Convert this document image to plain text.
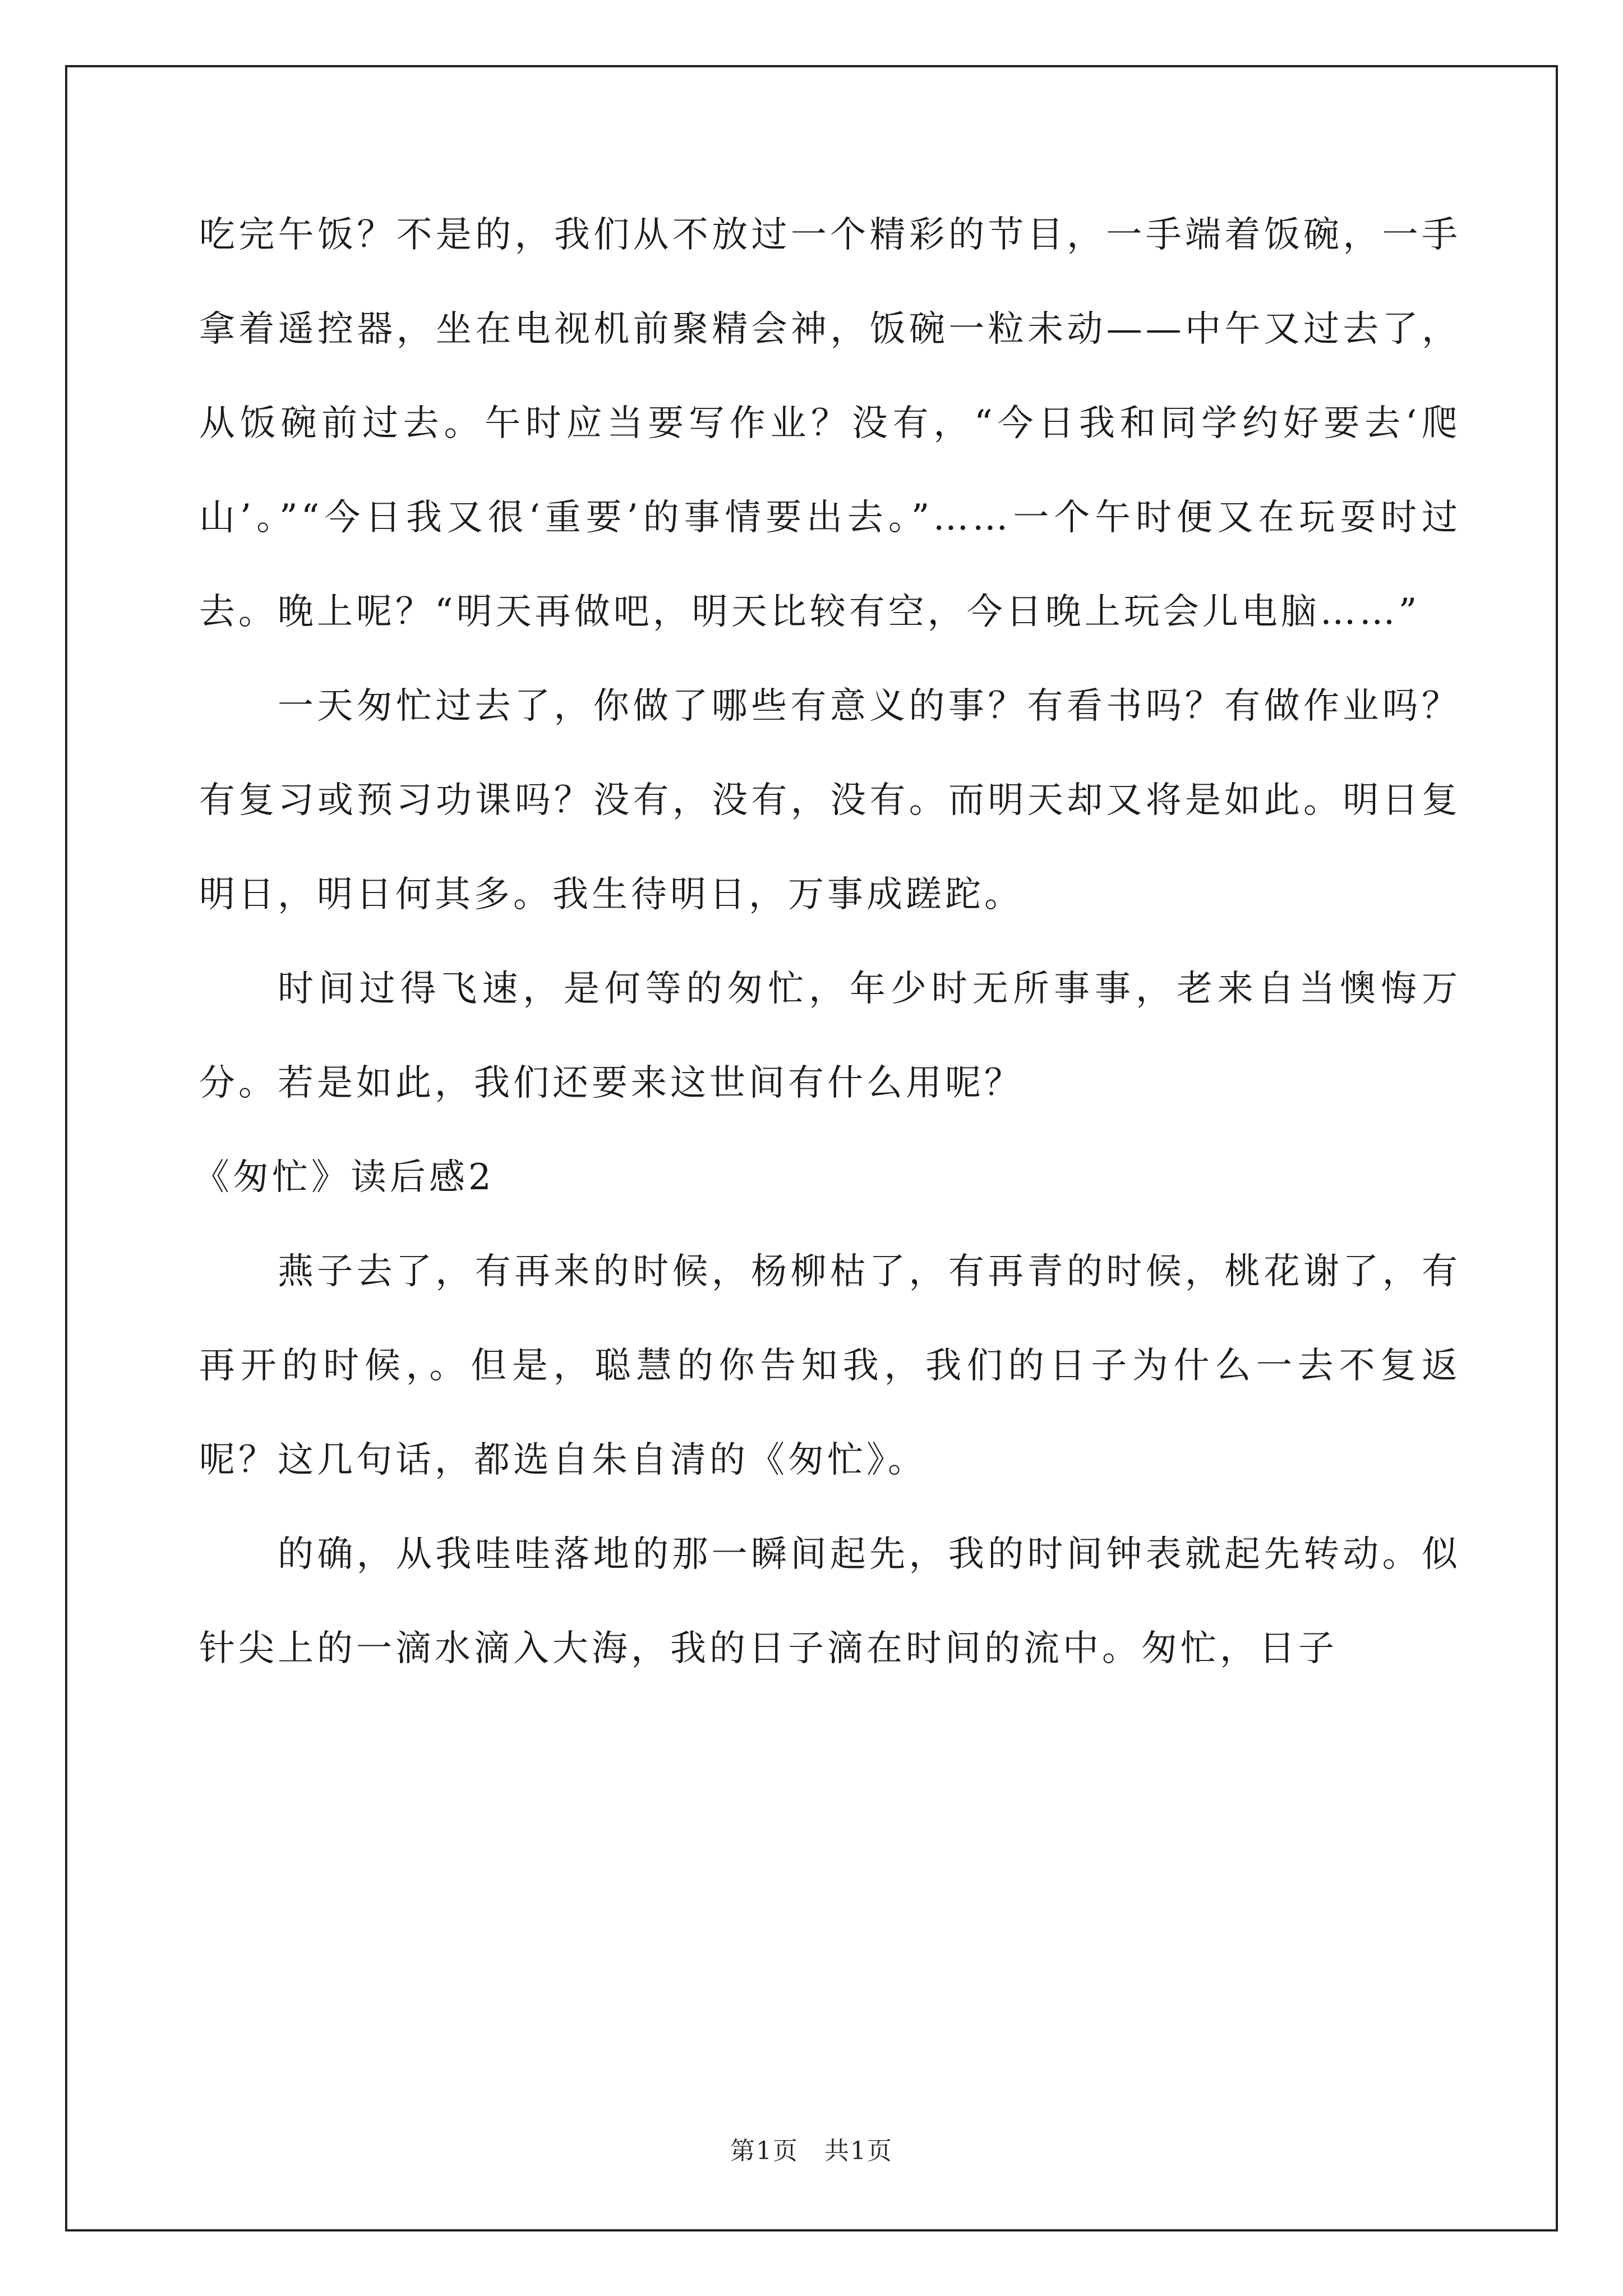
吃完午饭？不是的，我们从不放过一个精彩的节目，一手端着饭碗，一手拿着遥控器，坐在电视机前聚精会神，饭碗一粒未动——中午又过去了，从饭碗前过去。午时应当要写作业？没有，“今日我和同学约好要去‘爬山’。”“今日我又很‘重要’的事情要出去。”……一个午时便又在玩耍时过去。晚上呢？“明天再做吧，明天比较有空，今日晚上玩会儿电脑……”

一天匆忙过去了，你做了哪些有意义的事？有看书吗？有做作业吗？有复习或预习功课吗？没有，没有，没有。而明天却又将是如此。明日复明日，明日何其多。我生待明日，万事成蹉跎。

时间过得飞速，是何等的匆忙，年少时无所事事，老来自当懊悔万分。若是如此，我们还要来这世间有什么用呢？

《匆忙》读后感2

燕子去了，有再来的时候，杨柳枯了，有再青的时候，桃花谢了，有再开的时候，。但是，聪慧的你告知我，我们的日子为什么一去不复返呢？这几句话，都选自朱自清的《匆忙》。

的确，从我哇哇落地的那一瞬间起先，我的时间钟表就起先转动。似针尖上的一滴水滴入大海，我的日子滴在时间的流中。匆忙，日子

第1页　共1页
